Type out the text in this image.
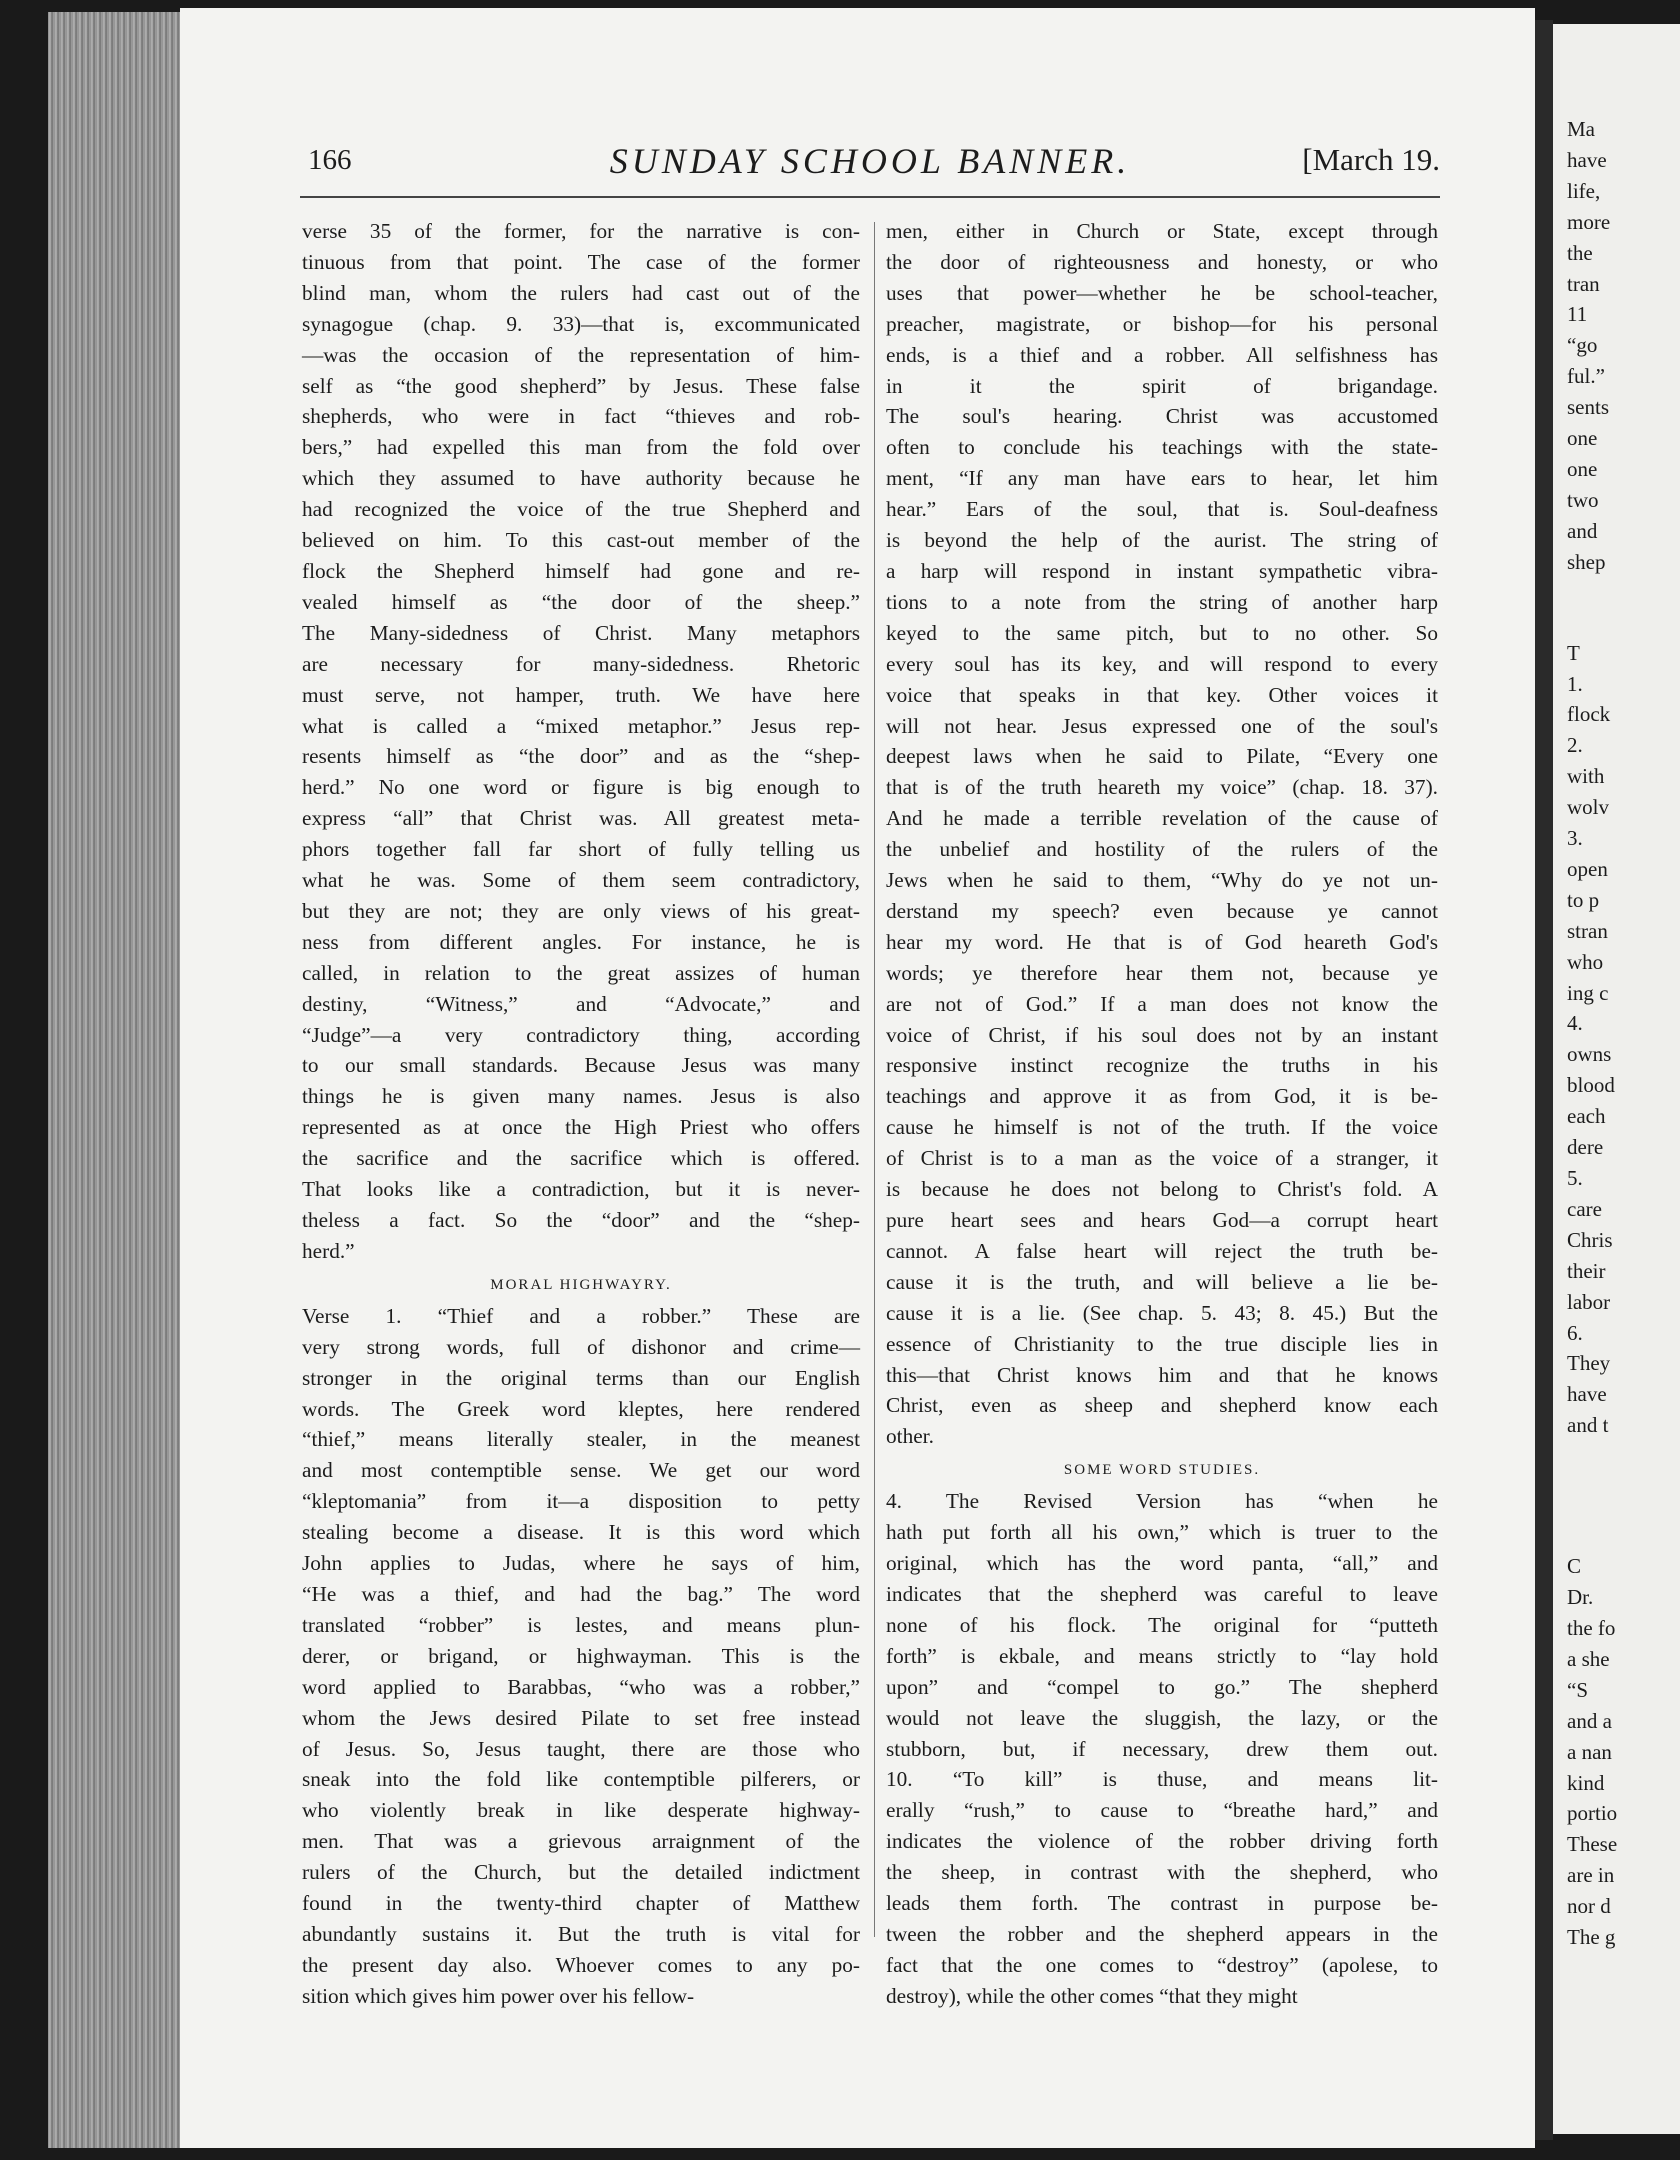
166	SUNDAY SCHOOL BANNER.	[March 19.
verse 35 of the former, for the narrative is con-
tinuous from that point. The case of the former
blind man, whom the rulers had cast out of the
synagogue (chap. 9. 33)—that is, excommunicated
—was the occasion of the representation of him-
self as “the good shepherd” by Jesus. These false
shepherds, who were in fact “thieves and rob-
bers,” had expelled this man from the fold over
which they assumed to have authority because he
had recognized the voice of the true Shepherd and
believed on him. To this cast-out member of the
flock the Shepherd himself had gone and re-
vealed himself as “the door of the sheep.”
The Many-sidedness of Christ. Many metaphors
are necessary for many-sidedness. Rhetoric
must serve, not hamper, truth. We have here
what is called a “mixed metaphor.” Jesus rep-
resents himself as “the door” and as the “shep-
herd.” No one word or figure is big enough to
express “all” that Christ was. All greatest meta-
phors together fall far short of fully telling us
what he was. Some of them seem contradictory,
but they are not; they are only views of his great-
ness from different angles. For instance, he is
called, in relation to the great assizes of human
destiny, “Witness,” and “Advocate,” and
“Judge”—a very contradictory thing, according
to our small standards. Because Jesus was many
things he is given many names. Jesus is also
represented as at once the High Priest who offers
the sacrifice and the sacrifice which is offered.
That looks like a contradiction, but it is never-
theless a fact. So the “door” and the “shep-
herd.”
MORAL HIGHWAYRY.
Verse 1. “Thief and a robber.” These are
very strong words, full of dishonor and crime—
stronger in the original terms than our English
words. The Greek word kleptes, here rendered
“thief,” means literally stealer, in the meanest
and most contemptible sense. We get our word
“kleptomania” from it—a disposition to petty
stealing become a disease. It is this word which
John applies to Judas, where he says of him,
“He was a thief, and had the bag.” The word
translated “robber” is lestes, and means plun-
derer, or brigand, or highwayman. This is the
word applied to Barabbas, “who was a robber,”
whom the Jews desired Pilate to set free instead
of Jesus. So, Jesus taught, there are those who
sneak into the fold like contemptible pilferers, or
who violently break in like desperate highway-
men. That was a grievous arraignment of the
rulers of the Church, but the detailed indictment
found in the twenty-third chapter of Matthew
abundantly sustains it. But the truth is vital for
the present day also. Whoever comes to any po-
sition which gives him power over his fellow-
men, either in Church or State, except through
the door of righteousness and honesty, or who
uses that power—whether he be school-teacher,
preacher, magistrate, or bishop—for his personal
ends, is a thief and a robber. All selfishness has
in it the spirit of brigandage.
The soul's hearing. Christ was accustomed
often to conclude his teachings with the state-
ment, “If any man have ears to hear, let him
hear.” Ears of the soul, that is. Soul-deafness
is beyond the help of the aurist. The string of
a harp will respond in instant sympathetic vibra-
tions to a note from the string of another harp
keyed to the same pitch, but to no other. So
every soul has its key, and will respond to every
voice that speaks in that key. Other voices it
will not hear. Jesus expressed one of the soul's
deepest laws when he said to Pilate, “Every one
that is of the truth heareth my voice” (chap. 18. 37).
And he made a terrible revelation of the cause of
the unbelief and hostility of the rulers of the
Jews when he said to them, “Why do ye not un-
derstand my speech? even because ye cannot
hear my word. He that is of God heareth God's
words; ye therefore hear them not, because ye
are not of God.” If a man does not know the
voice of Christ, if his soul does not by an instant
responsive instinct recognize the truths in his
teachings and approve it as from God, it is be-
cause he himself is not of the truth. If the voice
of Christ is to a man as the voice of a stranger, it
is because he does not belong to Christ's fold. A
pure heart sees and hears God—a corrupt heart
cannot. A false heart will reject the truth be-
cause it is the truth, and will believe a lie be-
cause it is a lie. (See chap. 5. 43; 8. 45.) But the
essence of Christianity to the true disciple lies in
this—that Christ knows him and that he knows
Christ, even as sheep and shepherd know each
other.
SOME WORD STUDIES.
4. The Revised Version has “when he
hath put forth all his own,” which is truer to the
original, which has the word panta, “all,” and
indicates that the shepherd was careful to leave
none of his flock. The original for “putteth
forth” is ekbale, and means strictly to “lay hold
upon” and “compel to go.” The shepherd
would not leave the sluggish, the lazy, or the
stubborn, but, if necessary, drew them out.
10. “To kill” is thuse, and means lit-
erally “rush,” to cause to “breathe hard,” and
indicates the violence of the robber driving forth
the sheep, in contrast with the shepherd, who
leads them forth. The contrast in purpose be-
tween the robber and the shepherd appears in the
fact that the one comes to “destroy” (apolese, to
destroy), while the other comes “that they might
Ma
have
life,
more
the
tran
11
“go
ful.”
sents
one
one
two
and
shep
T
1.
flock
2.
with
wolv
3.
open
to p
stran
who
ing c
4.
owns
blood
each
dere
5.
care
Chris
their
labor
6.
They
have
and t
C
Dr.
the fo
a she
“S
and a
a nan
kind
portio
These
are in
nor d
The g
